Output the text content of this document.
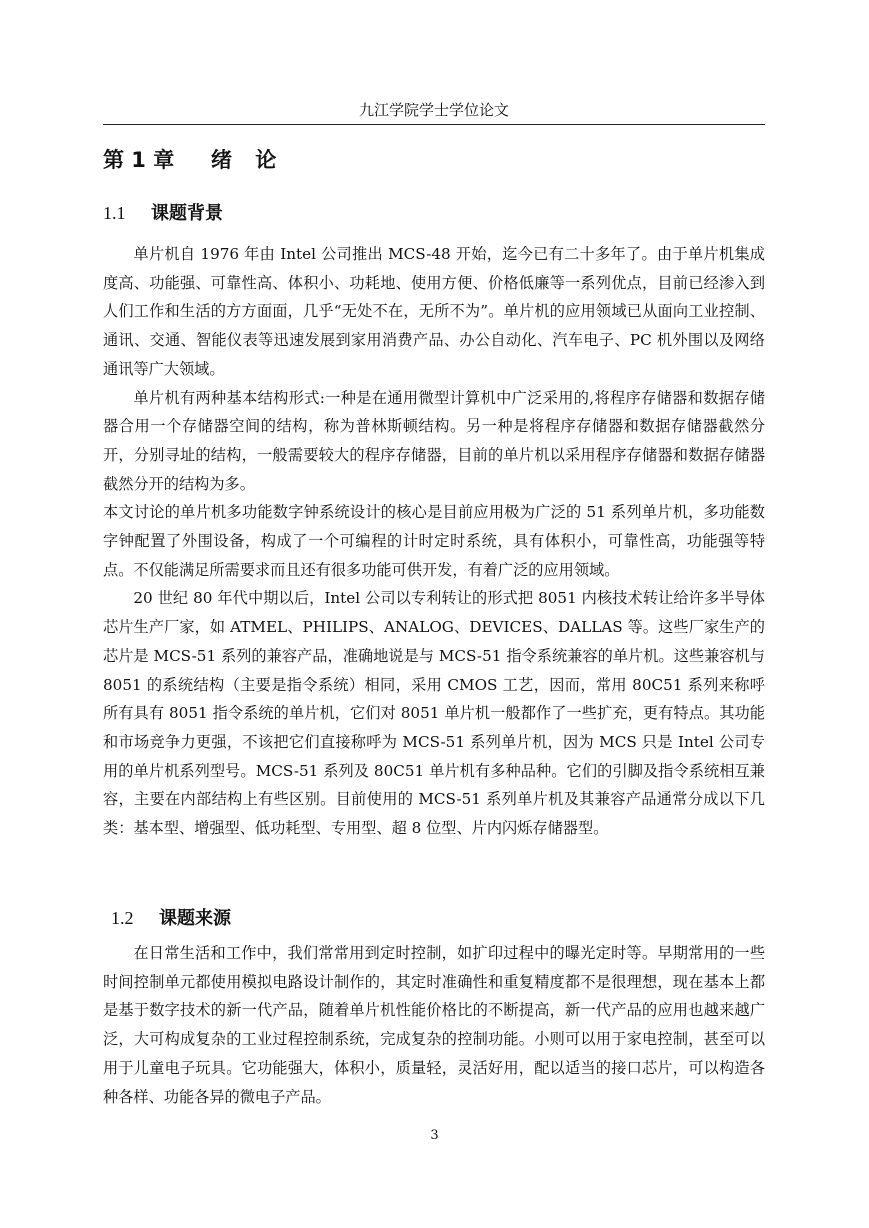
九江学院学士学位论文
第 1 章 绪 论
1.1 课题背景

单片机自 1976 年由 Intel 公司推出 MCS-48 开始，迄今已有二十多年了。由于单片机集成度高、功能强、可靠性高、体积小、功耗地、使用方便、价格低廉等一系列优点，目前已经渗入到人们工作和生活的方方面面，几乎“无处不在，无所不为”。单片机的应用领域已从面向工业控制、通讯、交通、智能仪表等迅速发展到家用消费产品、办公自动化、汽车电子、PC 机外围以及网络通讯等广大领域。

单片机有两种基本结构形式:一种是在通用微型计算机中广泛采用的,将程序存储器和数据存储器合用一个存储器空间的结构，称为普林斯顿结构。另一种是将程序存储器和数据存储器截然分开，分别寻址的结构，一般需要较大的程序存储器，目前的单片机以采用程序存储器和数据存储器截然分开的结构为多。

本文讨论的单片机多功能数字钟系统设计的核心是目前应用极为广泛的 51 系列单片机，多功能数字钟配置了外围设备，构成了一个可编程的计时定时系统，具有体积小，可靠性高，功能强等特点。不仅能满足所需要求而且还有很多功能可供开发，有着广泛的应用领域。

20 世纪 80 年代中期以后，Intel 公司以专利转让的形式把 8051 内核技术转让给许多半导体芯片生产厂家，如 ATMEL、PHILIPS、ANALOG、DEVICES、DALLAS 等。这些厂家生产的芯片是 MCS-51 系列的兼容产品，准确地说是与 MCS-51 指令系统兼容的单片机。这些兼容机与 8051 的系统结构（主要是指令系统）相同，采用 CMOS 工艺，因而，常用 80C51 系列来称呼所有具有 8051 指令系统的单片机，它们对 8051 单片机一般都作了一些扩充，更有特点。其功能和市场竞争力更强，不该把它们直接称呼为 MCS-51 系列单片机，因为 MCS 只是 Intel 公司专用的单片机系列型号。MCS-51 系列及 80C51 单片机有多种品种。它们的引脚及指令系统相互兼容，主要在内部结构上有些区别。目前使用的 MCS-51 系列单片机及其兼容产品通常分成以下几类：基本型、增强型、低功耗型、专用型、超 8 位型、片内闪烁存储器型。

1.2 课题来源

在日常生活和工作中，我们常常用到定时控制，如扩印过程中的曝光定时等。早期常用的一些时间控制单元都使用模拟电路设计制作的，其定时准确性和重复精度都不是很理想，现在基本上都是基于数字技术的新一代产品，随着单片机性能价格比的不断提高，新一代产品的应用也越来越广泛，大可构成复杂的工业过程控制系统，完成复杂的控制功能。小则可以用于家电控制，甚至可以用于儿童电子玩具。它功能强大，体积小，质量轻，灵活好用，配以适当的接口芯片，可以构造各种各样、功能各异的微电子产品。

3
